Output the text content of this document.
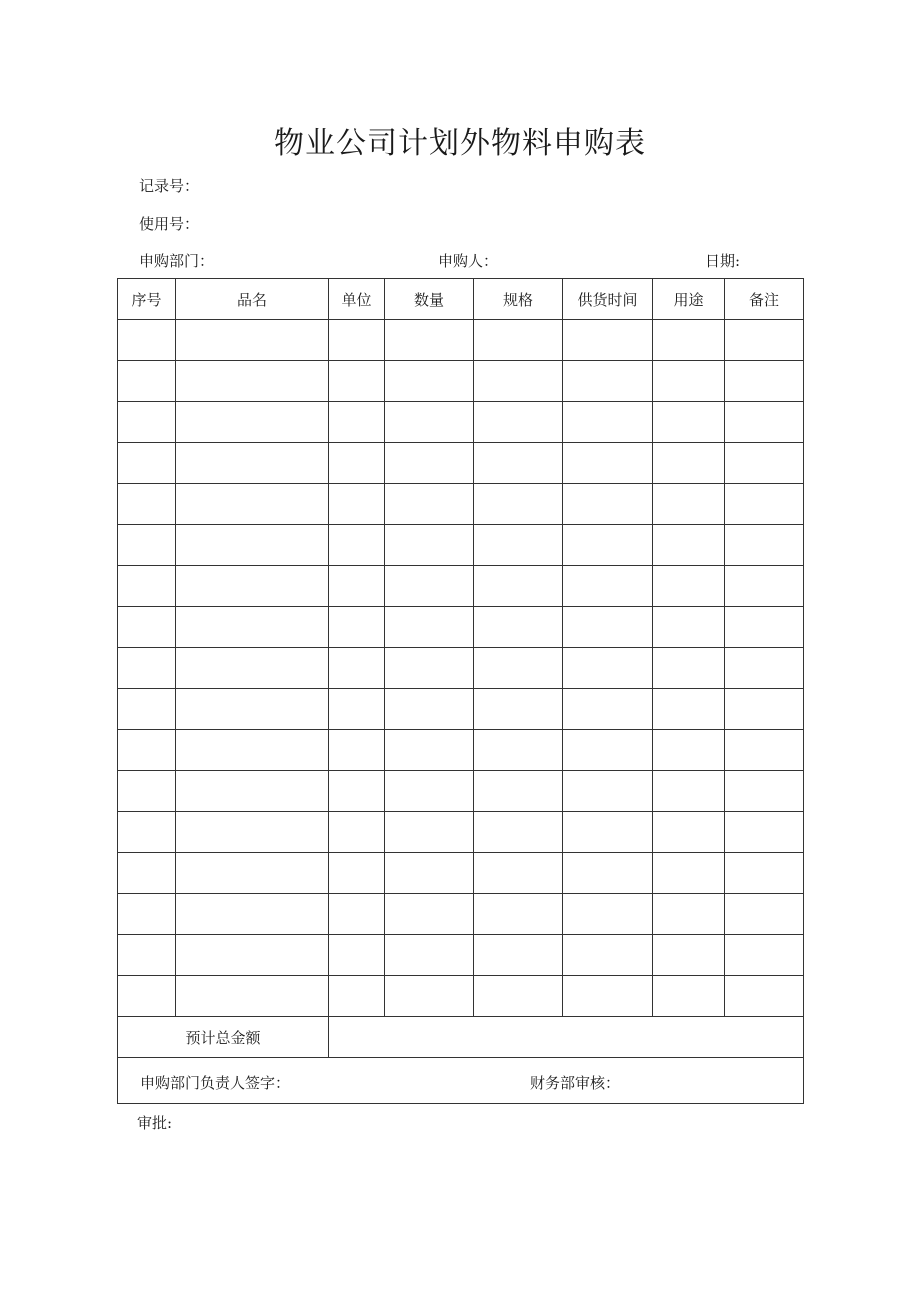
物业公司计划外物料申购表
记录号：
使用号：
申购部门：	申购人：	日期:
序号	品名	单位	数量	规格	供货时间	用途	备注

预计总金额							

申购部门负责人签字： 财务部审核：							
审批:
